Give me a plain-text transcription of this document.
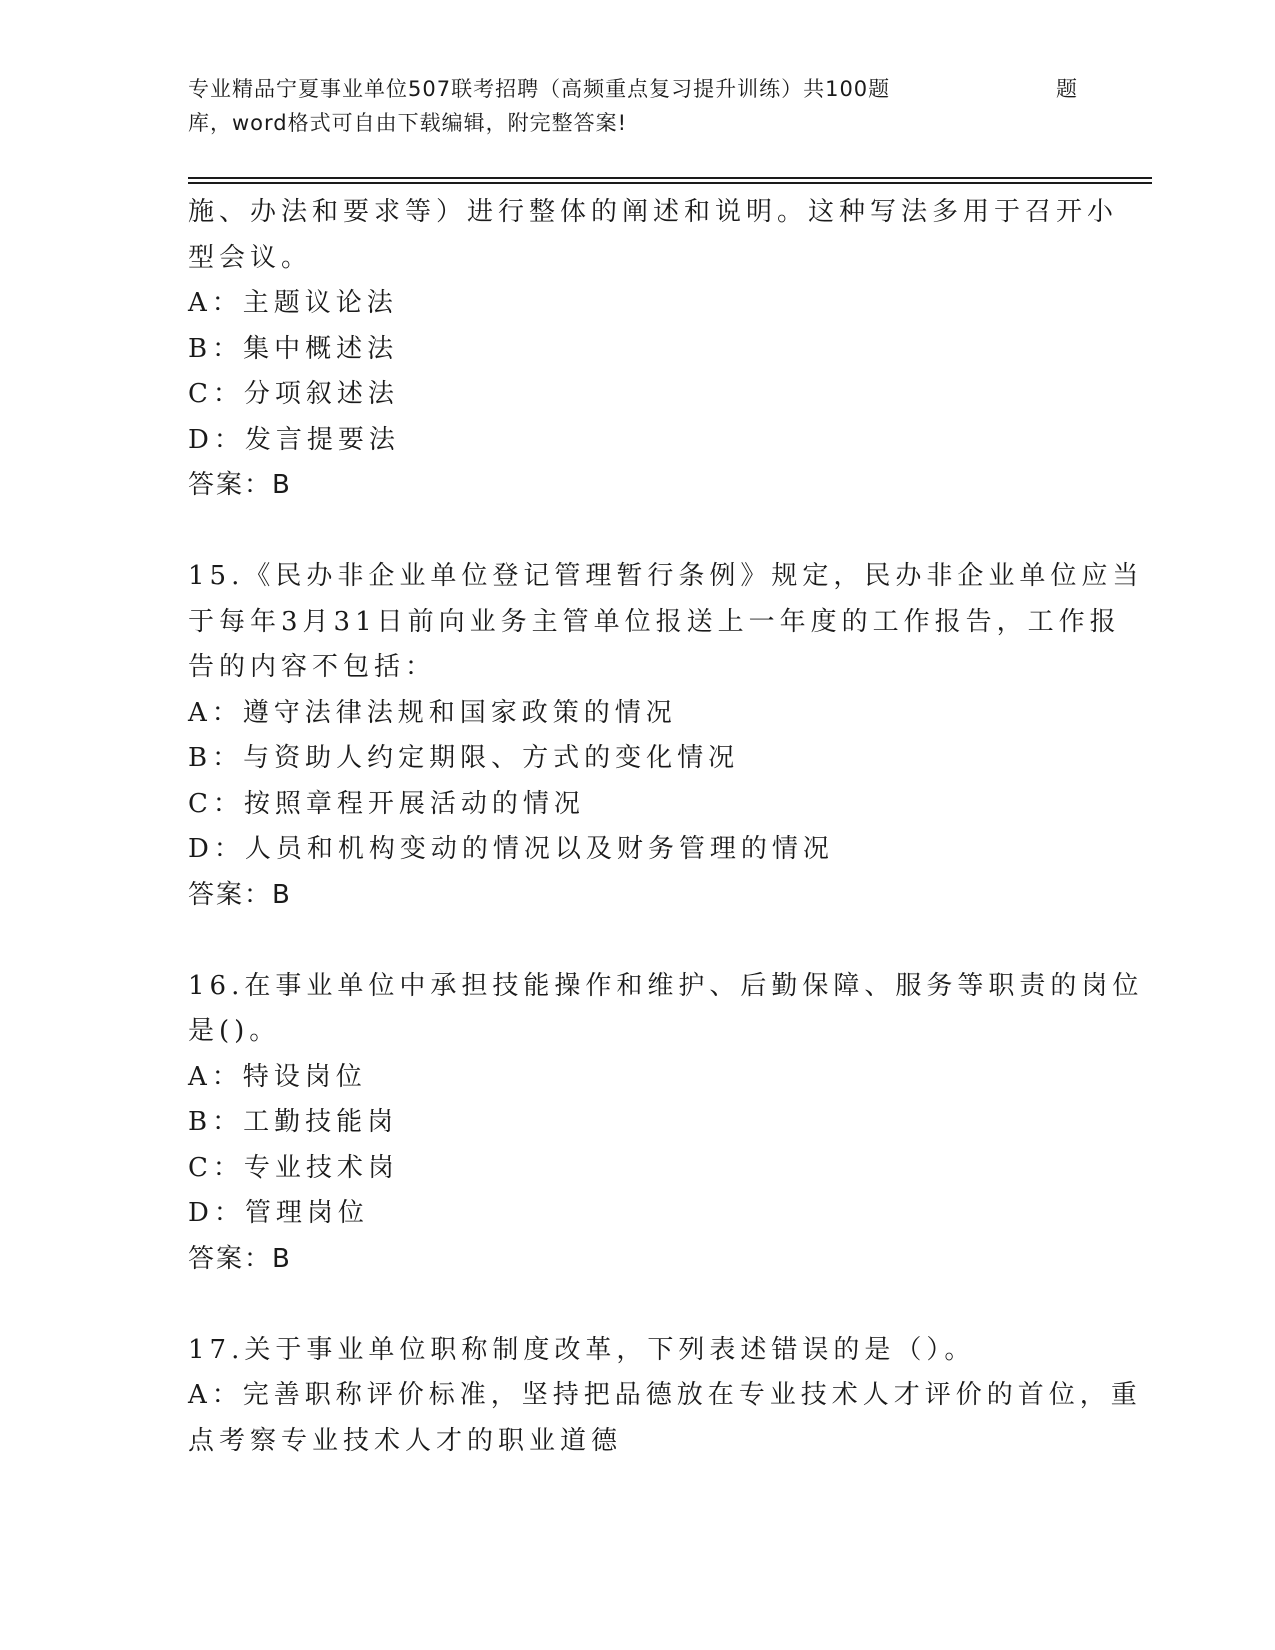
专业精品宁夏事业单位507联考招聘（高频重点复习提升训练）共100题	题
库，word格式可自由下载编辑，附完整答案!
施、办法和要求等）进行整体的阐述和说明。这种写法多用于召开小
型会议。
A：主题议论法
B：集中概述法
C：分项叙述法
D：发言提要法
答案：B
15.《民办非企业单位登记管理暂行条例》规定，民办非企业单位应当
于每年3月31日前向业务主管单位报送上一年度的工作报告，工作报
告的内容不包括：
A：遵守法律法规和国家政策的情况
B：与资助人约定期限、方式的变化情况
C：按照章程开展活动的情况
D：人员和机构变动的情况以及财务管理的情况
答案：B
16.在事业单位中承担技能操作和维护、后勤保障、服务等职责的岗位
是()。
A：特设岗位
B：工勤技能岗
C：专业技术岗
D：管理岗位
答案：B
17.关于事业单位职称制度改革，下列表述错误的是（）。
A：完善职称评价标准，坚持把品德放在专业技术人才评价的首位，重
点考察专业技术人才的职业道德
